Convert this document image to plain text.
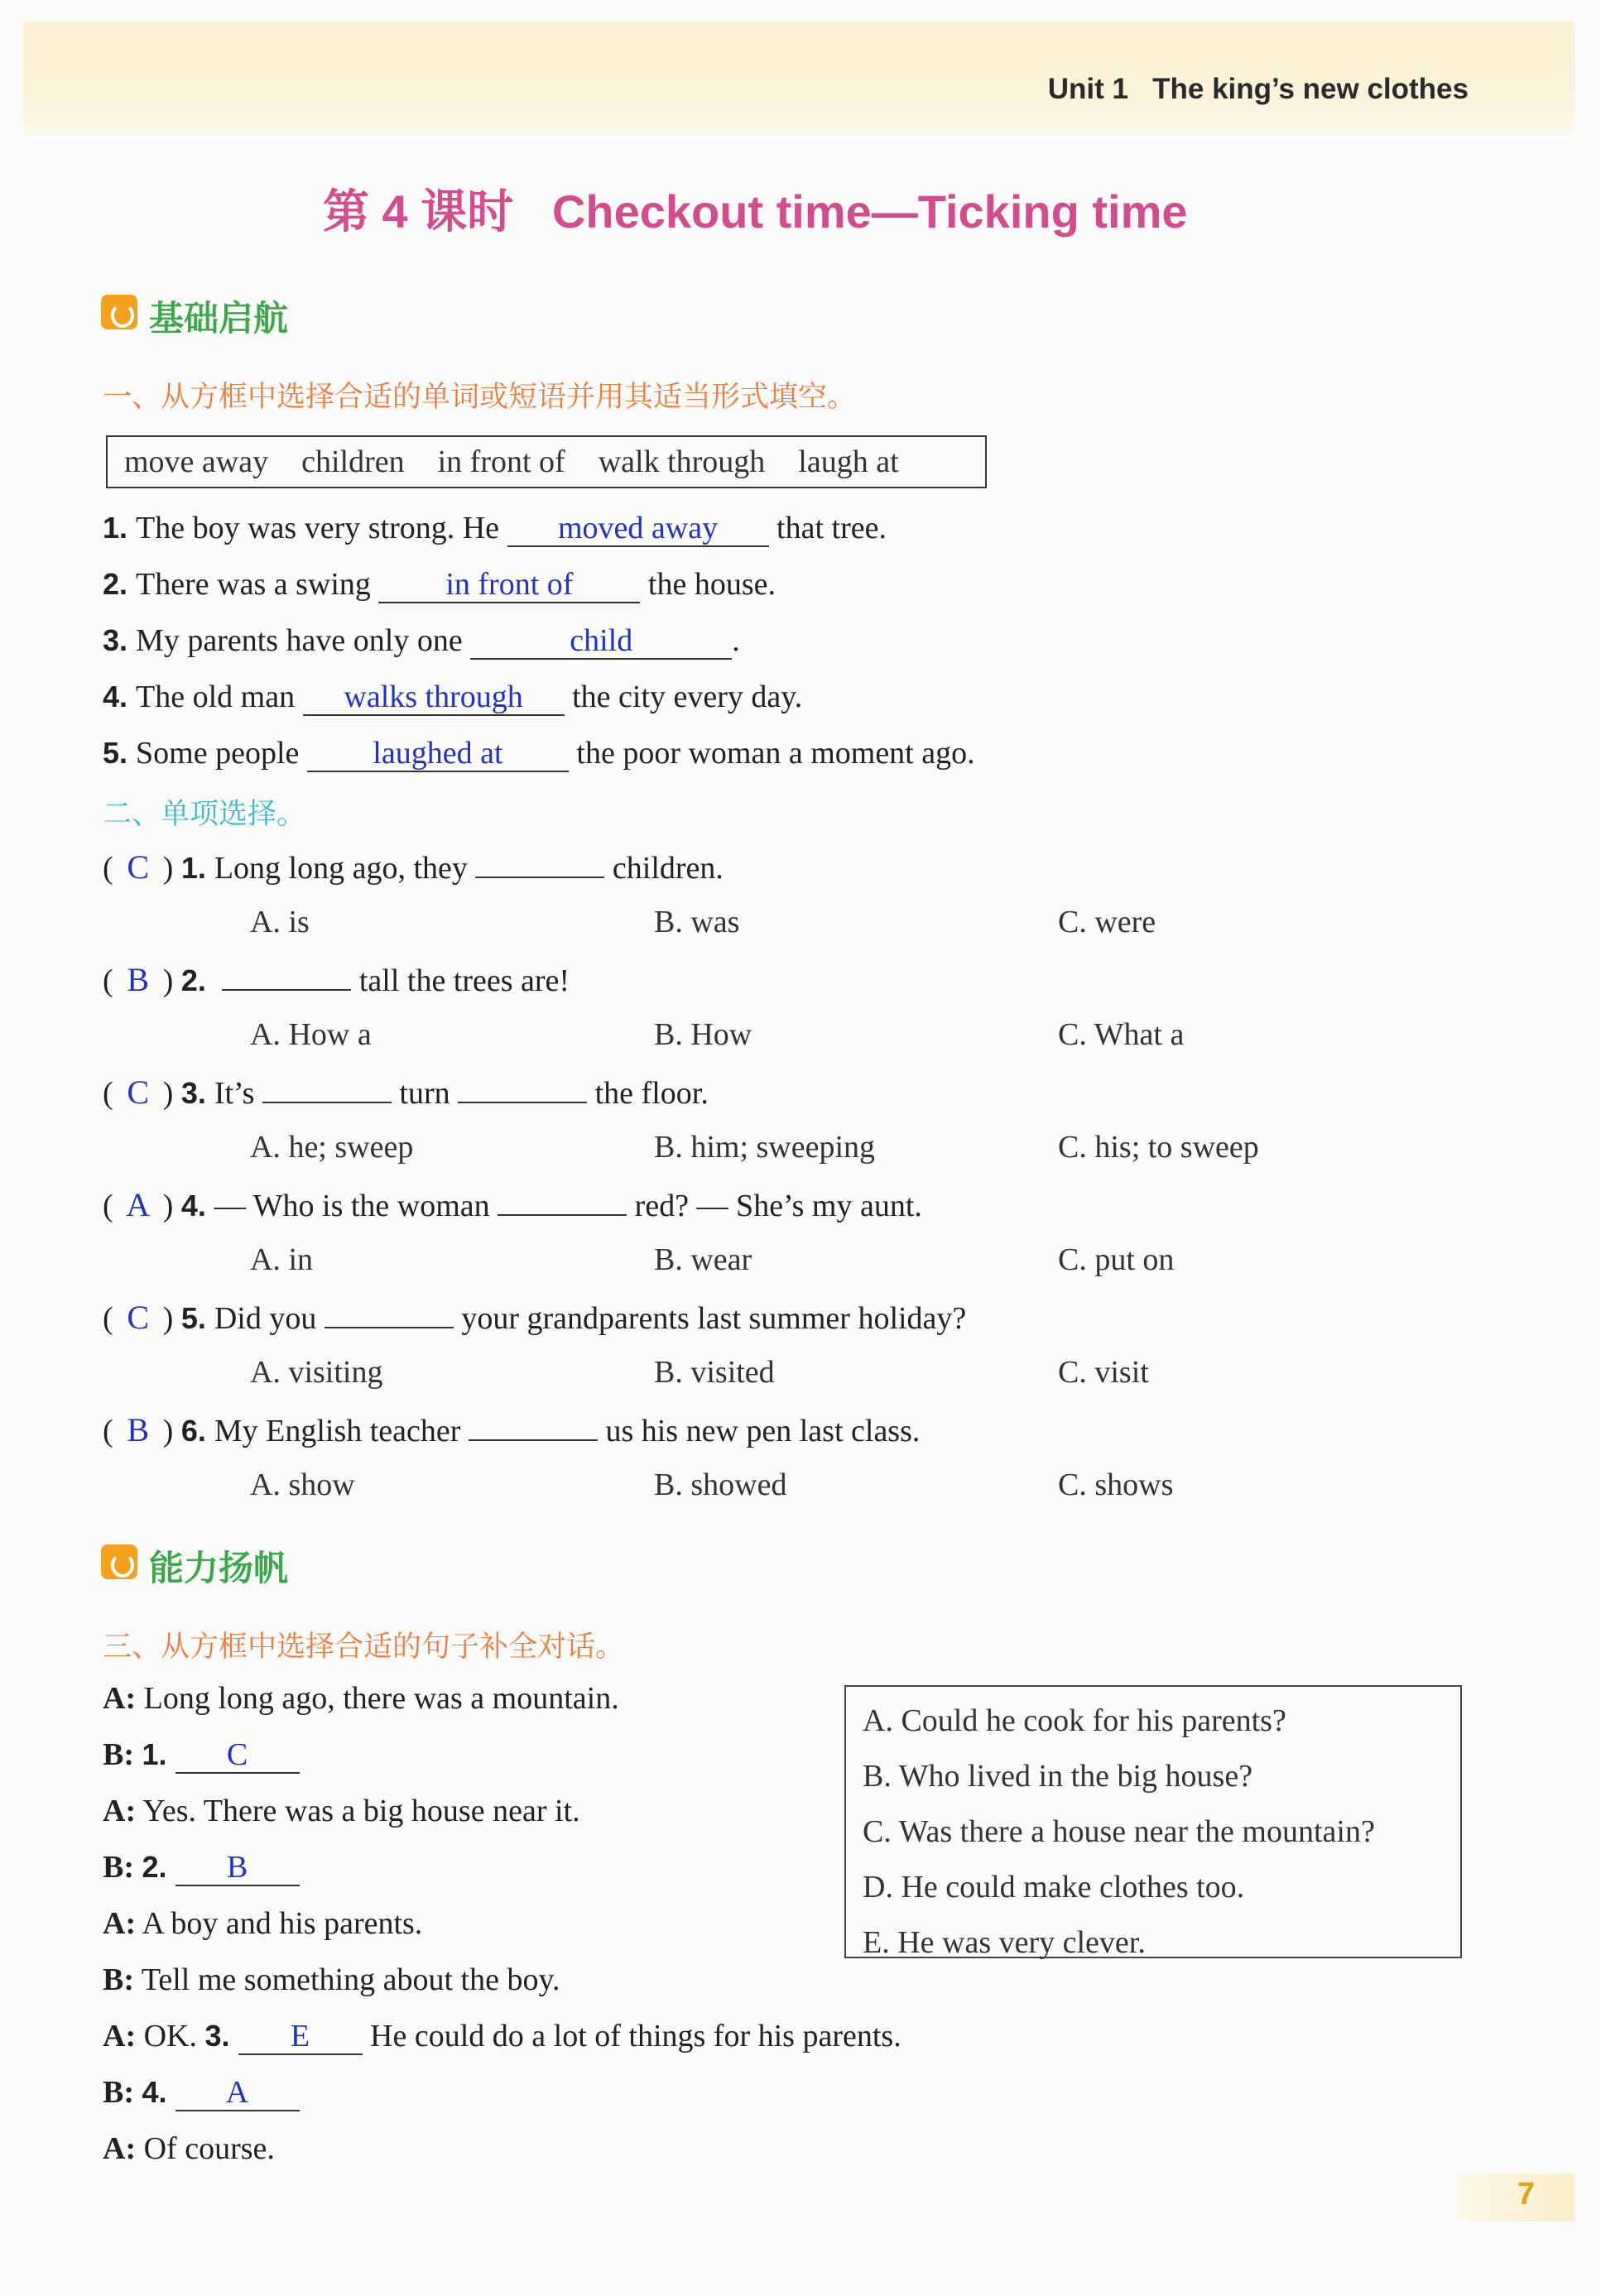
Unit 1   The king’s new clothes
第 4 课时   Checkout time—Ticking time
基础启航
一、从方框中选择合适的单词或短语并用其适当形式填空。
move away children in front of walk through laugh at
1. The boy was very strong. He moved away that tree.
2. There was a swing in front of the house.
3. My parents have only one	child	.
4. The old man walks through the city every day.
5. Some people laughed at the poor woman a moment ago.
二、单项选择。
( C ) 1. Long long ago, they	children.
A. is	B. was	C. were
( B ) 2.	tall the trees are!
A. How a	B. How	C. What a
( C ) 3. It’s	turn	the floor.
A. he; sweep	B. him; sweeping	C. his; to sweep
( A ) 4. — Who is the woman	red? — She’s my aunt.
A. in	B. wear	C. put on
( C ) 5. Did you	your grandparents last summer holiday?
A. visiting	B. visited	C. visit
( B ) 6. My English teacher	us his new pen last class.
A. show	B. showed	C. shows
能力扬帆
三、从方框中选择合适的句子补全对话。
A. Could he cook for his parents?
B. Who lived in the big house?
C. Was there a house near the mountain?
D. He could make clothes too.
E. He was very clever.
A: Long long ago, there was a mountain.
B: 1. C
A: Yes. There was a big house near it.
B: 2. B
A: A boy and his parents.
B: Tell me something about the boy.
A: OK. 3. E He could do a lot of things for his parents.
B: 4. A
A: Of course.
7
